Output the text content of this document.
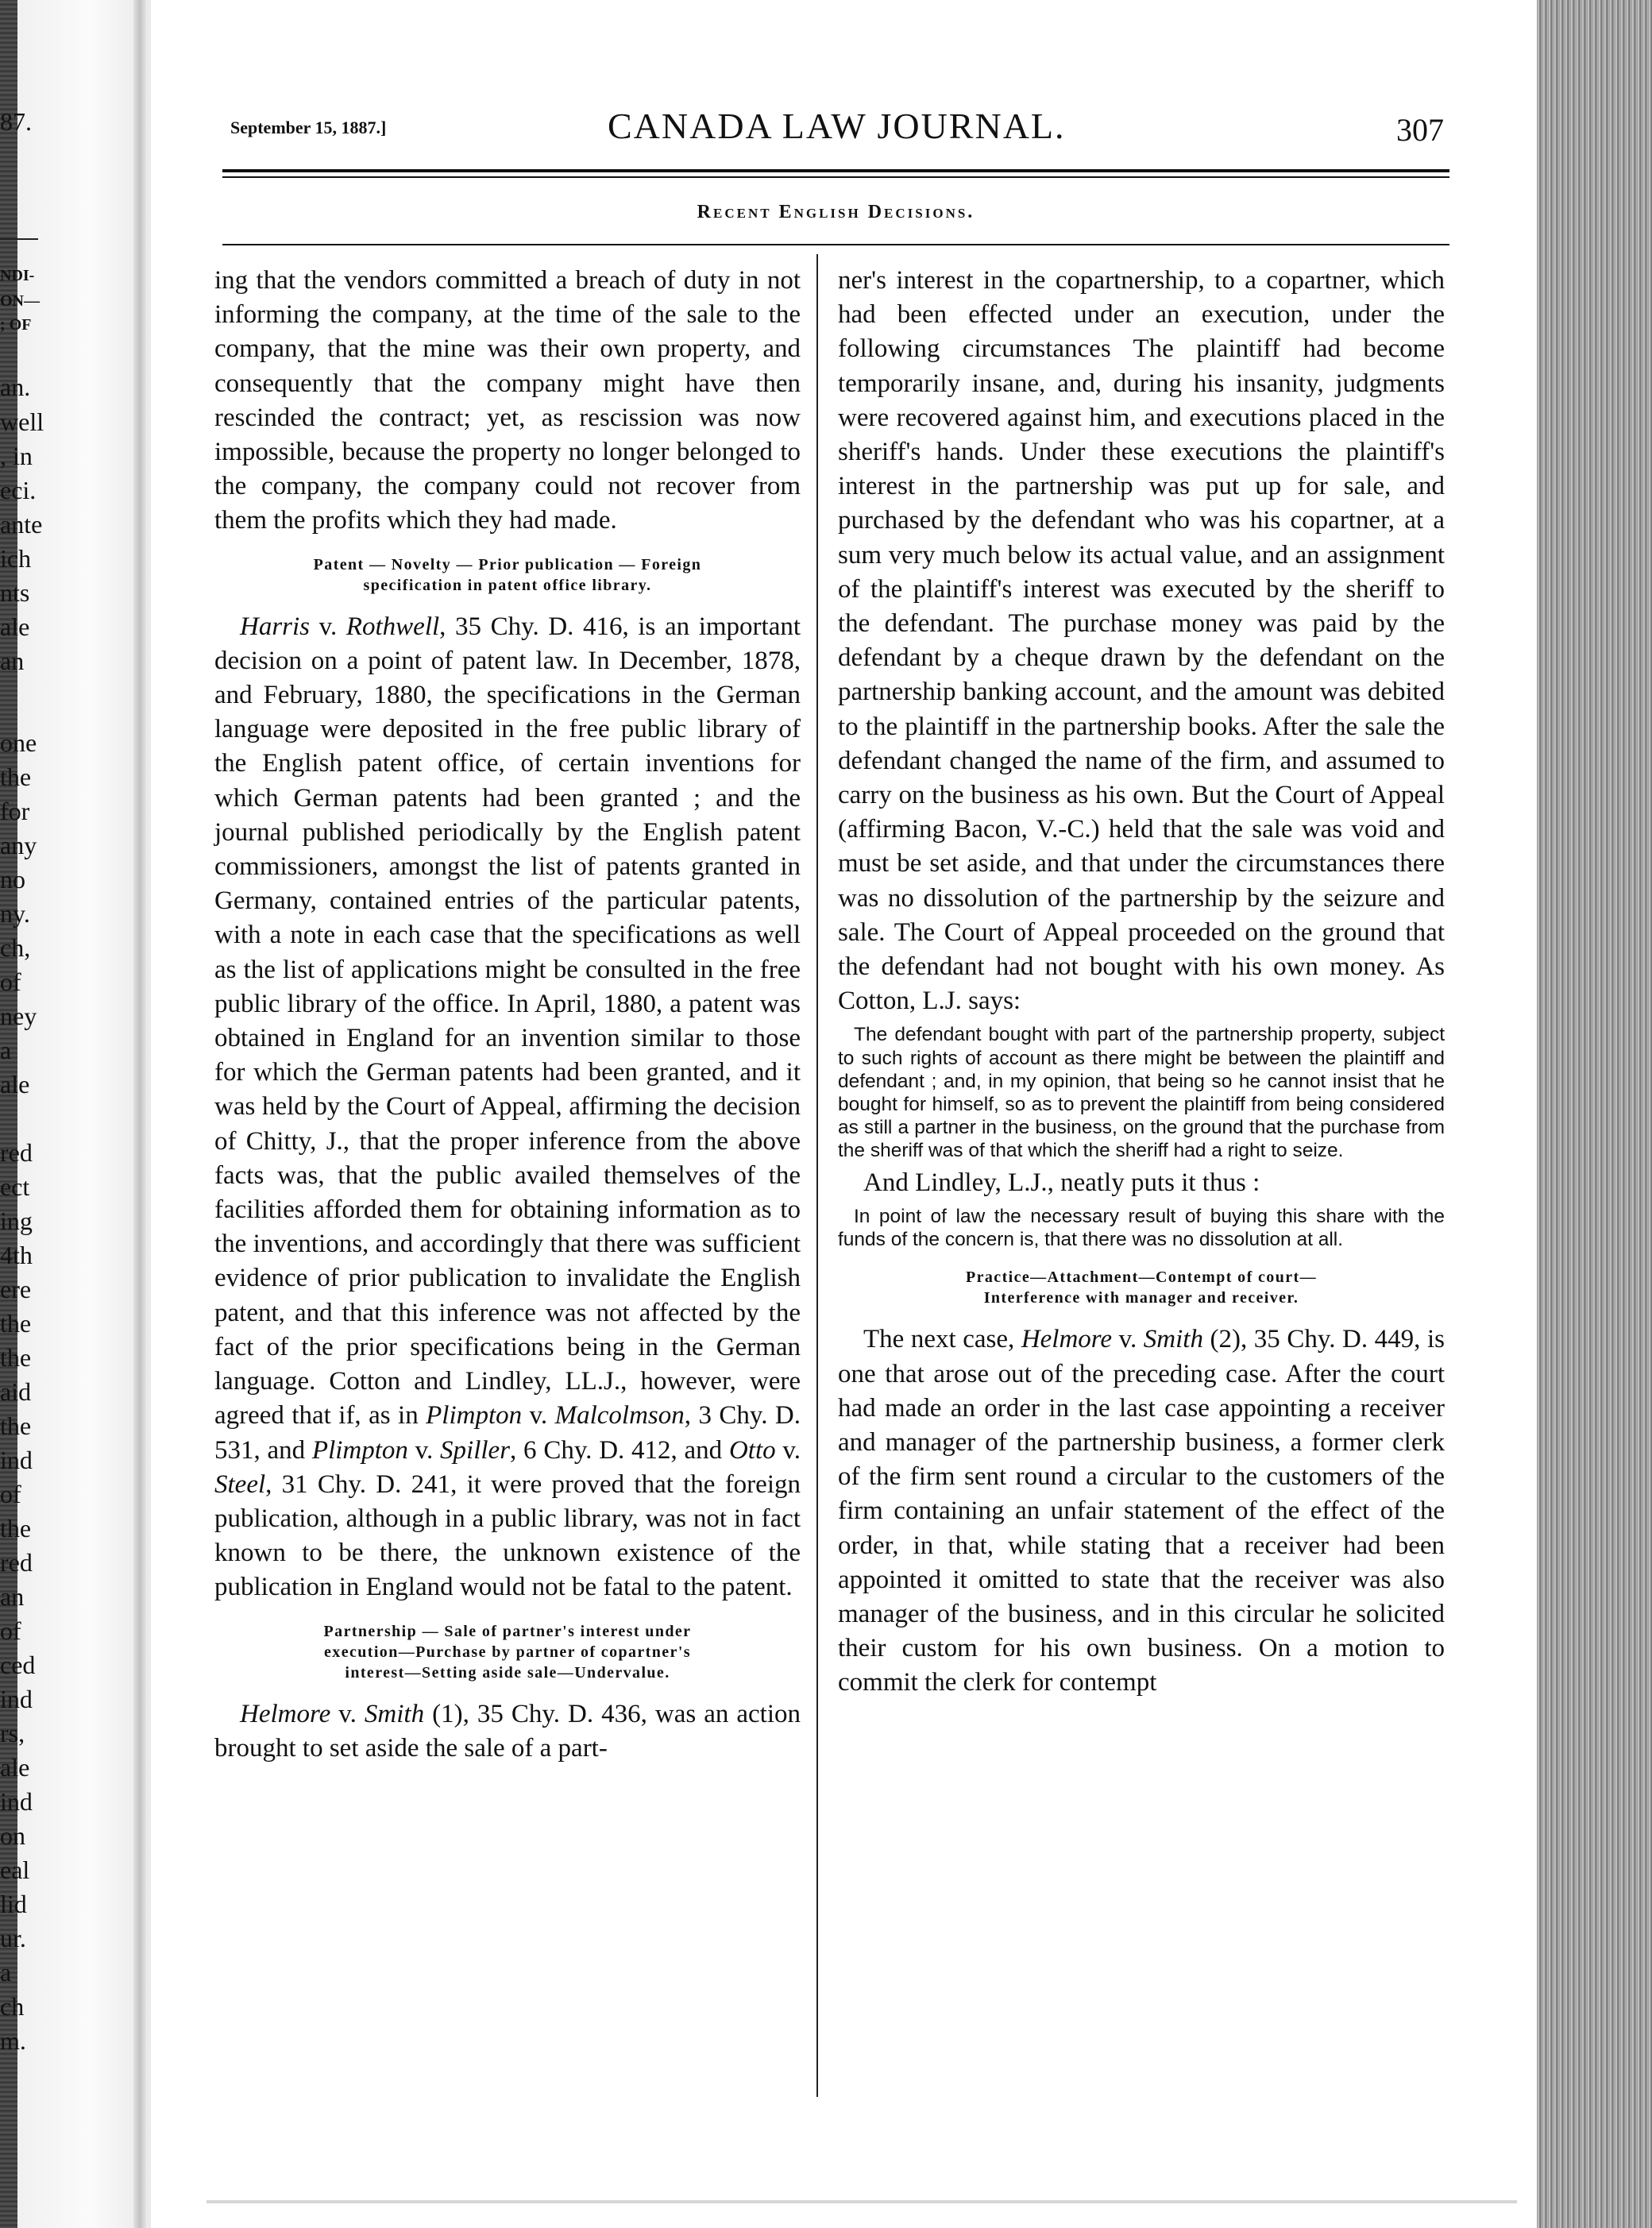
87.
NDI-
ON—
; OF
an.
well
, in
eci.
ante
ich
nts
ale
an
one
the
for
any
no
ny.
ch,
of
ney
a
ale
red
ect
ing
4th
ere
the
the
aid
the
ind
of
the
red
an
of
ced
ind
rs,
ale
ind
on
eal
lid
ur.
a
ch
m.
September 15, 1887.]	CANADA LAW JOURNAL.	307
Recent English Decisions.

ing that the vendors committed a breach of duty in not informing the company, at the time of the sale to the company, that the mine was their own property, and consequently that the company might have then rescinded the contract; yet, as rescission was now impossible, because the property no longer belonged to the company, the company could not recover from them the profits which they had made.

Patent — Novelty — Prior publication — Foreign
specification in patent office library.

Harris v. Rothwell, 35 Chy. D. 416, is an important decision on a point of patent law. In December, 1878, and February, 1880, the specifications in the German language were deposited in the free public library of the English patent office, of certain inventions for which German patents had been granted ; and the journal published periodically by the English patent commissioners, amongst the list of patents granted in Germany, contained entries of the particular patents, with a note in each case that the specifications as well as the list of applications might be consulted in the free public library of the office. In April, 1880, a patent was obtained in England for an invention similar to those for which the German patents had been granted, and it was held by the Court of Appeal, affirming the decision of Chitty, J., that the proper inference from the above facts was, that the public availed themselves of the facilities afforded them for obtaining information as to the inventions, and accordingly that there was sufficient evidence of prior publication to invalidate the English patent, and that this inference was not affected by the fact of the prior specifications being in the German language. Cotton and Lindley, LL.J., however, were agreed that if, as in Plimpton v. Malcolmson, 3 Chy. D. 531, and Plimpton v. Spiller, 6 Chy. D. 412, and Otto v. Steel, 31 Chy. D. 241, it were proved that the foreign publication, although in a public library, was not in fact known to be there, the unknown existence of the publication in England would not be fatal to the patent.

Partnership — Sale of partner's interest under
execution—Purchase by partner of copartner's
interest—Setting aside sale—Undervalue.

Helmore v. Smith (1), 35 Chy. D. 436, was an action brought to set aside the sale of a part-

ner's interest in the copartnership, to a copartner, which had been effected under an execution, under the following circumstances The plaintiff had become temporarily insane, and, during his insanity, judgments were recovered against him, and executions placed in the sheriff's hands. Under these executions the plaintiff's interest in the partnership was put up for sale, and purchased by the defendant who was his copartner, at a sum very much below its actual value, and an assignment of the plaintiff's interest was executed by the sheriff to the defendant. The purchase money was paid by the defendant by a cheque drawn by the defendant on the partnership banking account, and the amount was debited to the plaintiff in the partnership books. After the sale the defendant changed the name of the firm, and assumed to carry on the business as his own. But the Court of Appeal (affirming Bacon, V.-C.) held that the sale was void and must be set aside, and that under the circumstances there was no dissolution of the partnership by the seizure and sale. The Court of Appeal proceeded on the ground that the defendant had not bought with his own money. As Cotton, L.J. says:

The defendant bought with part of the partnership property, subject to such rights of account as there might be between the plaintiff and defendant ; and, in my opinion, that being so he cannot insist that he bought for himself, so as to prevent the plaintiff from being considered as still a partner in the business, on the ground that the purchase from the sheriff was of that which the sheriff had a right to seize.

And Lindley, L.J., neatly puts it thus :

In point of law the necessary result of buying this share with the funds of the concern is, that there was no dissolution at all.

Practice—Attachment—Contempt of court—
Interference with manager and receiver.

The next case, Helmore v. Smith (2), 35 Chy. D. 449, is one that arose out of the preceding case. After the court had made an order in the last case appointing a receiver and manager of the partnership business, a former clerk of the firm sent round a circular to the customers of the firm containing an unfair statement of the effect of the order, in that, while stating that a receiver had been appointed it omitted to state that the receiver was also manager of the business, and in this circular he solicited their custom for his own business. On a motion to commit the clerk for contempt
